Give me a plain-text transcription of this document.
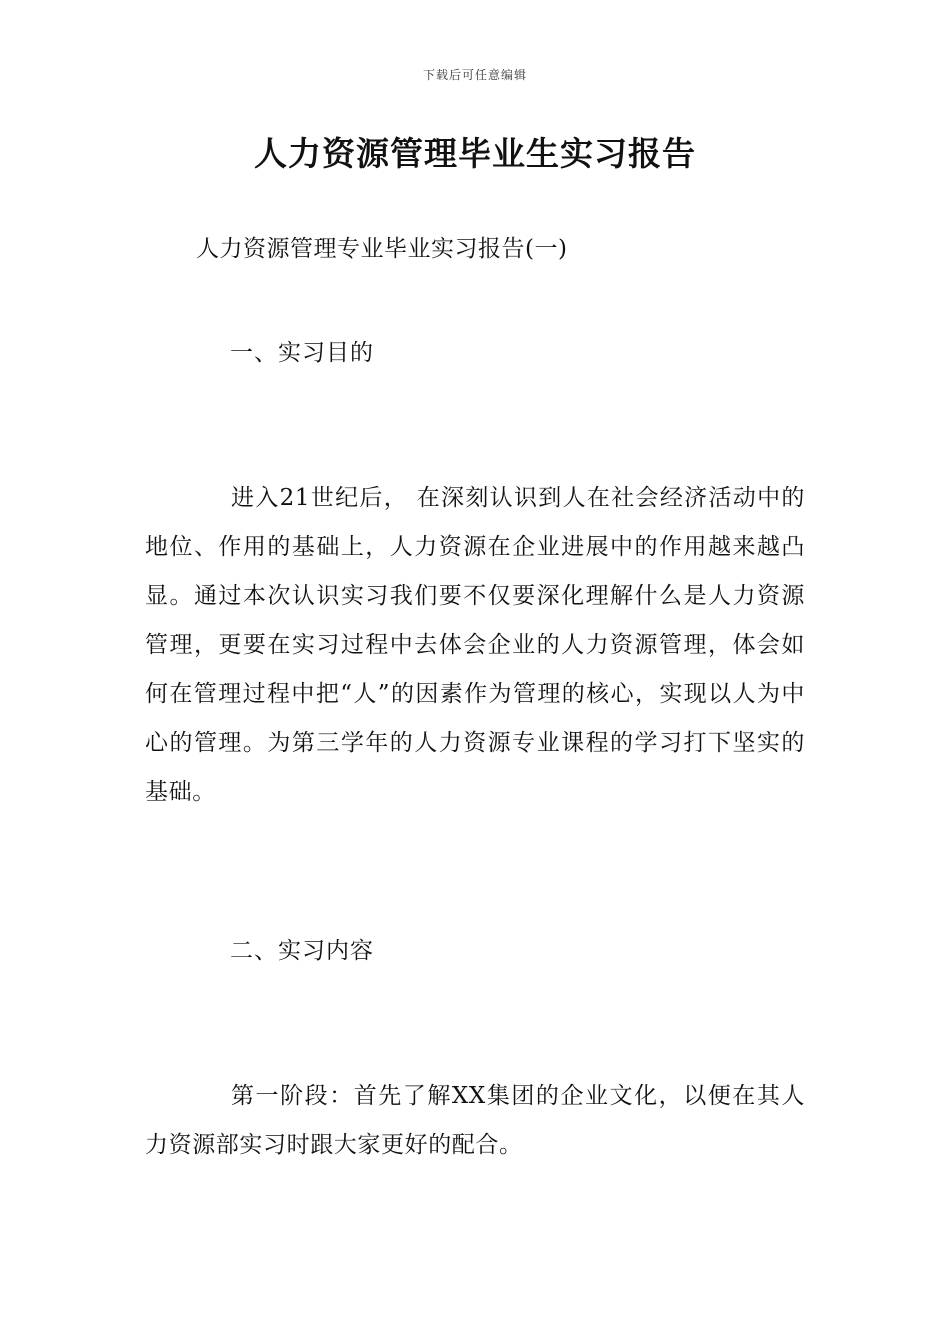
下载后可任意编辑
人力资源管理毕业生实习报告
人力资源管理专业毕业实习报告(一)
一、实习目的
进入21世纪后， 在深刻认识到人在社会经济活动中的地位、作用的基础上，人力资源在企业进展中的作用越来越凸显。通过本次认识实习我们要不仅要深化理解什么是人力资源管理，更要在实习过程中去体会企业的人力资源管理，体会如何在管理过程中把“人”的因素作为管理的核心，实现以人为中心的管理。为第三学年的人力资源专业课程的学习打下坚实的基础。
二、实习内容
第一阶段：首先了解XX集团的企业文化，以便在其人力资源部实习时跟大家更好的配合。
